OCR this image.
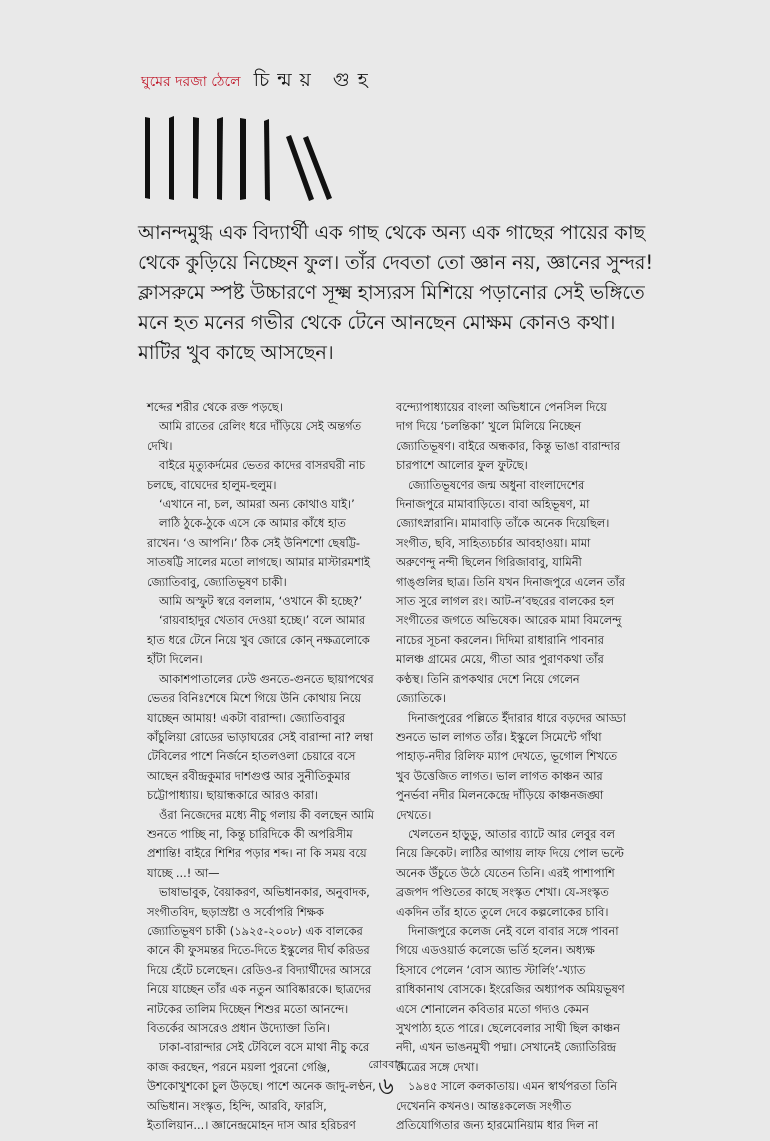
ঘুমের দরজা ঠেলে চিন্ময় গুহ

আনন্দমুগ্ধ এক বিদ্যার্থী এক গাছ থেকে অন্য এক গাছের পায়ের কাছ থেকে কুড়িয়ে নিচ্ছেন ফুল। তাঁর দেবতা তো জ্ঞান নয়, জ্ঞানের সুন্দর! ক্লাসরুমে স্পষ্ট উচ্চারণে সূক্ষ্ম হাস্যরস মিশিয়ে পড়ানোর সেই ভঙ্গিতে মনে হত মনের গভীর থেকে টেনে আনছেন মোক্ষম কোনও কথা। মাটির খুব কাছে আসছেন।

শব্দের শরীর থেকে রক্ত পড়ছে।

আমি রাতের রেলিং ধরে দাঁড়িয়ে সেই অন্তর্গত দেখি।

বাইরে মৃত্যুকর্দমের ভেতর কাদের বাসরঘরী নাচ চলছে, বাঘেদের হালুম-হুলুম।

‘এখানে না, চল, আমরা অন্য কোথাও যাই।’

লাঠি ঠুকে-ঠুকে এসে কে আমার কাঁধে হাত রাখেন। ‘ও আপনি।’ ঠিক সেই উনিশশো ছেষট্টি-সাতষট্টি সালের মতো লাগছে। আমার মাস্টারমশাই জ্যোতিবাবু, জ্যোতিভূষণ চাকী।

আমি অস্ফুট স্বরে বললাম, ‘ওখানে কী হচ্ছে?’

‘রায়বাহাদুর খেতাব দেওয়া হচ্ছে।’ বলে আমার হাত ধরে টেনে নিয়ে খুব জোরে কোন্‌ নক্ষত্রলোকে হাঁটা দিলেন।

আকাশপাতালের ঢেউ গুনতে-গুনতে ছায়াপথের ভেতর বিনিঃশেষে মিশে গিয়ে উনি কোথায় নিয়ে যাচ্ছেন আমায়! একটা বারান্দা। জ্যোতিবাবুর কাঁচুলিয়া রোডের ভাড়াঘরের সেই বারান্দা না? লম্বা টেবিলের পাশে নির্জনে হাতলওলা চেয়ারে বসে আছেন রবীন্দ্রকুমার দাশগুপ্ত আর সুনীতিকুমার চট্টোপাধ্যায়। ছায়ান্ধকারে আরও কারা।

ওঁরা নিজেদের মধ্যে নীচু গলায় কী বলছেন আমি শুনতে পাচ্ছি না, কিন্তু চারিদিকে কী অপরিসীম প্রশান্তি! বাইরে শিশির পড়ার শব্দ। না কি সময় বয়ে যাচ্ছে ...! আ—

ভাষাভাবুক, বৈয়াকরণ, অভিধানকার, অনুবাদক, সংগীতবিদ, ছড়াস্রষ্টা ও সর্বোপরি শিক্ষক জ্যোতিভূষণ চাকী (১৯২৫-২০০৮) এক বালকের কানে কী ফুসমন্তর দিতে-দিতে ইস্কুলের দীর্ঘ করিডর দিয়ে হেঁটে চলেছেন। রেডিও-র বিদ্যার্থীদের আসরে নিয়ে যাচ্ছেন তাঁর এক নতুন আবিষ্কারকে। ছাত্রদের নাটকের তালিম দিচ্ছেন শিশুর মতো আনন্দে। বিতর্কের আসরেও প্রধান উদ্যোক্তা তিনি।

ঢাকা-বারান্দার সেই টেবিলে বসে মাথা নীচু করে কাজ করছেন, পরনে ময়লা পুরনো গেঞ্জি, উশকোখুশকো চুল উড়ছে। পাশে অনেক জাদু-লণ্ঠন, অভিধান। সংস্কৃত, হিন্দি, আরবি, ফারসি, ইতালিয়ান...। জ্ঞানেন্দ্রমোহন দাস আর হরিচরণ

বন্দ্যোপাধ্যায়ের বাংলা অভিধানে পেনসিল দিয়ে দাগ দিয়ে ‘চলন্তিকা’ খুলে মিলিয়ে নিচ্ছেন জ্যোতিভূষণ। বাইরে অন্ধকার, কিন্তু ভাঙা বারান্দার চারপাশে আলোর ফুল ফুটছে।

জ্যোতিভূষণের জন্ম অধুনা বাংলাদেশের দিনাজপুরে মামাবাড়িতে। বাবা অহিভূষণ, মা জ্যোৎস্নারানি। মামাবাড়ি তাঁকে অনেক দিয়েছিল। সংগীত, ছবি, সাহিত্যচর্চার আবহাওয়া। মামা অরুণেন্দু নন্দী ছিলেন গিরিজাবাবু, যামিনী গাঙ্গুলির ছাত্র। তিনি যখন দিনাজপুরে এলেন তাঁর সাত সুরে লাগল রং। আট-ন’বছরের বালকের হল সংগীতের জগতে অভিষেক। আরেক মামা বিমলেন্দু নাচের সূচনা করলেন। দিদিমা রাধারানি পাবনার মালঞ্চ গ্রামের মেয়ে, গীতা আর পুরাণকথা তাঁর কণ্ঠস্থ। তিনি রূপকথার দেশে নিয়ে গেলেন জ্যোতিকে।

দিনাজপুরের পল্লিতে ইঁদারার ধারে বড়দের আড্ডা শুনতে ভাল লাগত তাঁর। ইস্কুলে সিমেন্টে গাঁথা পাহাড়-নদীর রিলিফ ম্যাপ দেখতে, ভূগোল শিখতে খুব উত্তেজিত লাগত। ভাল লাগত কাঞ্চন আর পুনর্ভবা নদীর মিলনকেন্দ্রে দাঁড়িয়ে কাঞ্চনজঙ্ঘা দেখতে।

খেলতেন হাড়ুডু, আতার ব্যাটে আর লেবুর বল নিয়ে ক্রিকেট। লাঠির আগায় লাফ দিয়ে পোল ভল্টে অনেক উঁচুতে উঠে যেতেন তিনি। এরই পাশাপাশি ব্রজপদ পণ্ডিতের কাছে সংস্কৃত শেখা। যে-সংস্কৃত একদিন তাঁর হাতে তুলে দেবে কল্পলোকের চাবি।

দিনাজপুরে কলেজ নেই বলে বাবার সঙ্গে পাবনা গিয়ে এডওয়ার্ড কলেজে ভর্তি হলেন। অধ্যক্ষ হিসাবে পেলেন ‘বোস অ্যান্ড স্টার্লিং’-খ্যাত রাধিকানাথ বোসকে। ইংরেজির অধ্যাপক অমিয়ভূষণ এসে শোনালেন কবিতার মতো গদ্যও কেমন সুখপাঠ্য হতে পারে। ছেলেবেলার সাথী ছিল কাঞ্চন নদী, এখন ভাঙনমুখী পদ্মা। সেখানেই জ্যোতিরিন্দ্র মৈত্রের সঙ্গে দেখা।

১৯৪৫ সালে কলকাতায়। এমন স্বার্থপরতা তিনি দেখেননি কখনও। আন্তঃকলেজ সংগীত প্রতিযোগিতার জন্য হারমোনিয়াম ধার দিল না

রোববার
৬
